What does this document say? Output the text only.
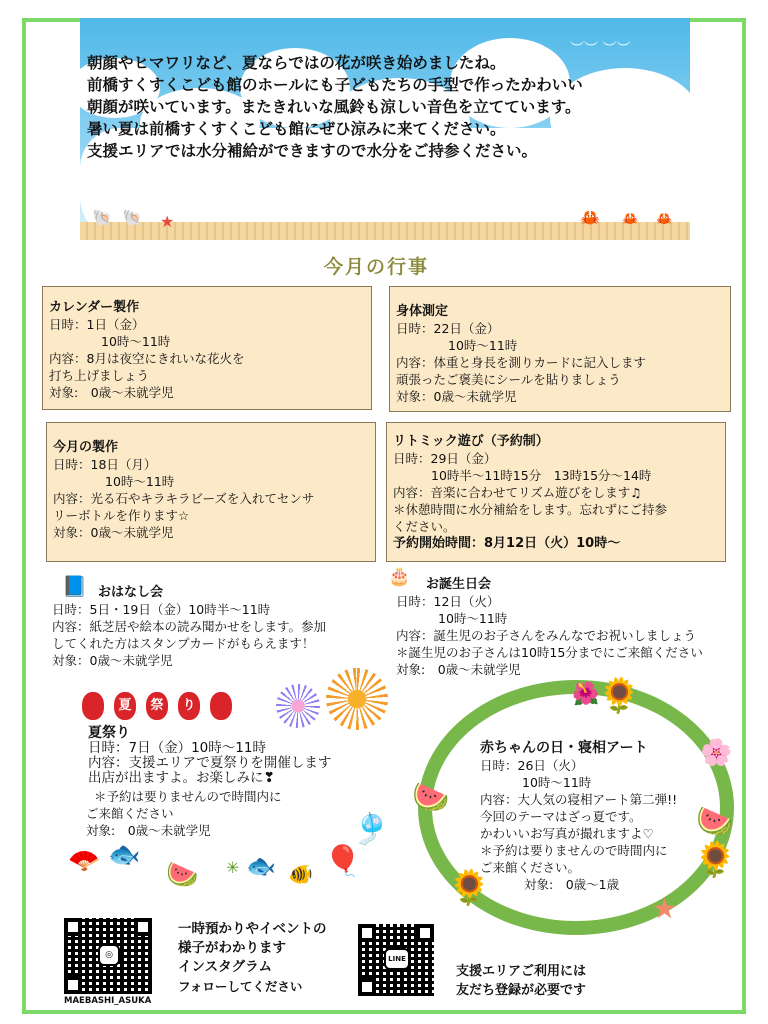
︶︶ ︶︶
🐚 🐚 ★	🦀 🦀 🦀
朝顔やヒマワリなど、夏ならではの花が咲き始めましたね。
前橋すくすくこども館のホールにも子どもたちの手型で作ったかわいい
朝顔が咲いています。またきれいな風鈴も涼しい音色を立てています。
暑い夏は前橋すくすくこども館にぜひ涼みに来てください。
支援エリアでは水分補給ができますので水分をご持参ください。
今月の行事
カレンダー製作
日時：1日（金）
10時〜11時
内容：8月は夜空にきれいな花火を
打ち上げましょう
対象:　0歳〜未就学児
身体測定
日時：22日（金）
10時〜11時
内容：体重と身長を測りカードに記入します
頑張ったご褒美にシールを貼りましょう
対象：0歳〜未就学児
今月の製作
日時：18日（月）
10時〜11時
内容：光る石やキラキラビーズを入れてセンサ
リーボトルを作ります☆
対象：0歳〜未就学児
リトミック遊び（予約制）
日時：29日（金）
10時半〜11時15分　13時15分〜14時
内容：音楽に合わせてリズム遊びをします♫
＊休憩時間に水分補給をします。忘れずにご持参
ください。
予約開始時間：8月12日（火）10時〜
📘 おはなし会
日時：5日・19日（金）10時半〜11時
内容：紙芝居や絵本の読み聞かせをします。参加
してくれた方はスタンプカードがもらえます！
対象：0歳〜未就学児
🎂	お誕生日会
日時：12日（火）
10時〜11時
内容：誕生児のお子さんをみんなでお祝いしましょう
＊誕生児のお子さんは10時15分までにご来館ください
対象:　0歳〜未就学児
夏	祭	り
夏祭り
日時：7日（金）10時〜11時
内容：支援エリアで夏祭りを開催します
出店が出ますよ。お楽しみに❣
＊予約は要りませんので時間内に
ご来館ください
対象:　0歳〜未就学児
🪭 🐟
🍉 ✳ 🐟 🐠 🎈
🎐
🌻
🌻
🌻
🍉
🍉
★
🌸
🌺
赤ちゃんの日・寝相アート
日時：26日（火）
10時〜11時
内容：大人気の寝相アート第二弾!!
今回のテーマはざっ夏です。
かわいいお写真が撮れますよ♡
＊予約は要りませんので時間内に
ご来館ください。
対象:　0歳〜1歳
◎
MAEBASHI_ASUKA
一時預かりやイベントの
様子がわかります
インスタグラム
フォローしてください
LINE
支援エリアご利用には
友だち登録が必要です
